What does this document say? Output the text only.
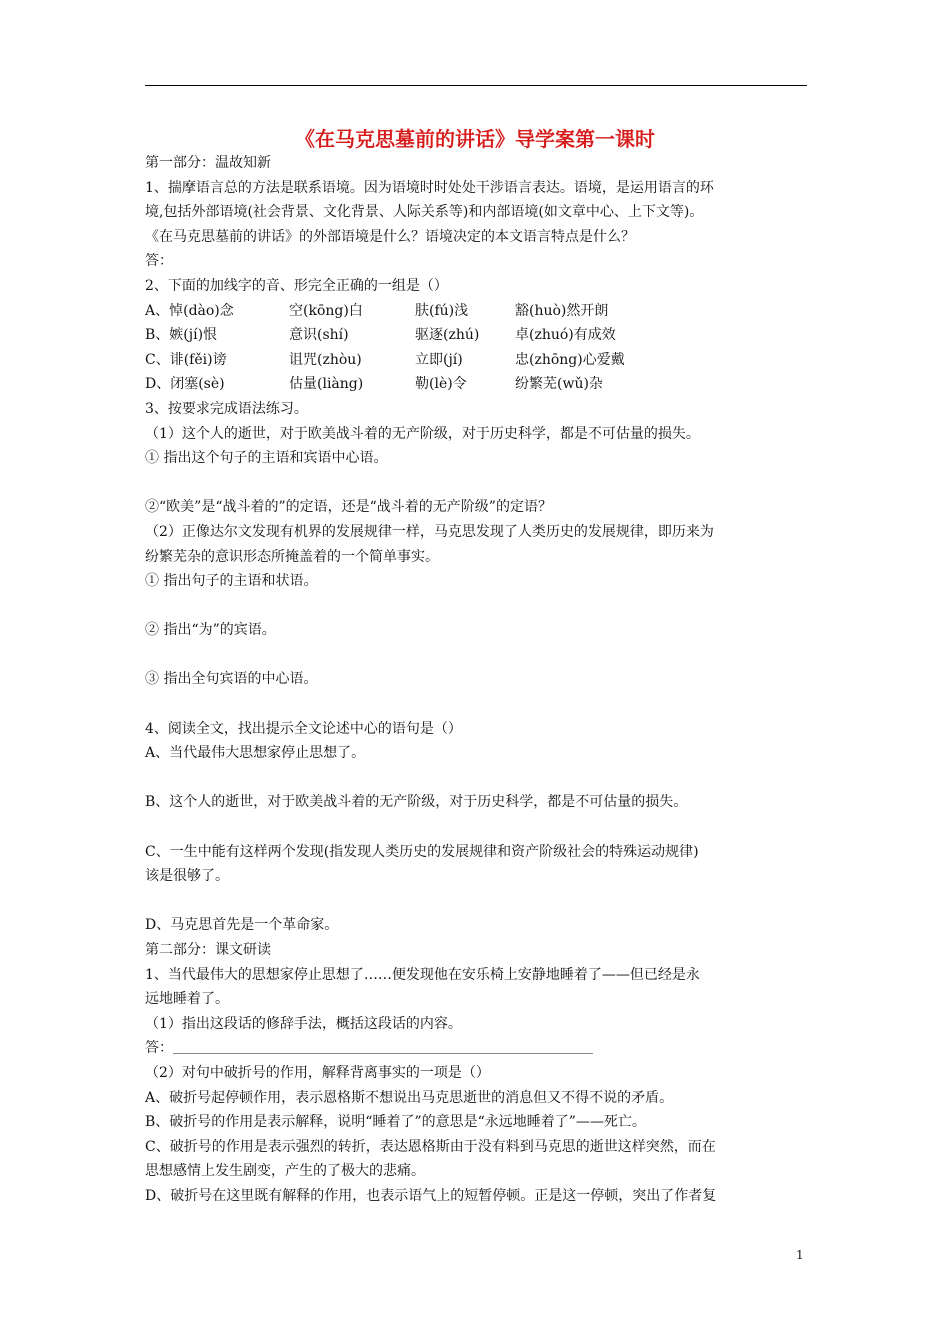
《在马克思墓前的讲话》导学案第一课时
第一部分：温故知新
1、揣摩语言总的方法是联系语境。因为语境时时处处干涉语言表达。语境，是运用语言的环
境,包括外部语境(社会背景、文化背景、人际关系等)和内部语境(如文章中心、上下文等)。
《在马克思墓前的讲话》的外部语境是什么？语境决定的本文语言特点是什么？
答：
2、下面的加线字的音、形完全正确的一组是（）
A、悼(dào)念	空(kōng)白	肤(fú)浅	豁(huò)然开朗
B、嫉(jí)恨	意识(shí)	驱逐(zhú)	卓(zhuó)有成效
C、诽(fěi)谤	诅咒(zhòu)	立即(jí)	忠(zhōng)心爱戴
D、闭塞(sè)	估量(liàng)	勒(lè)令	纷繁芜(wǔ)杂
3、按要求完成语法练习。
（1）这个人的逝世，对于欧美战斗着的无产阶级，对于历史科学，都是不可估量的损失。
① 指出这个句子的主语和宾语中心语。
②“欧美”是“战斗着的”的定语，还是“战斗着的无产阶级”的定语？
（2）正像达尔文发现有机界的发展规律一样，马克思发现了人类历史的发展规律，即历来为
纷繁芜杂的意识形态所掩盖着的一个简单事实。
① 指出句子的主语和状语。
② 指出“为”的宾语。
③ 指出全句宾语的中心语。
4、阅读全文，找出提示全文论述中心的语句是（）
A、当代最伟大思想家停止思想了。
B、这个人的逝世，对于欧美战斗着的无产阶级，对于历史科学，都是不可估量的损失。
C、一生中能有这样两个发现(指发现人类历史的发展规律和资产阶级社会的特殊运动规律)
该是很够了。
D、马克思首先是一个革命家。
第二部分：课文研读
1、当代最伟大的思想家停止思想了……便发现他在安乐椅上安静地睡着了——但已经是永
远地睡着了。
（1）指出这段话的修辞手法，概括这段话的内容。
答：
（2）对句中破折号的作用，解释背离事实的一项是（）
A、破折号起停顿作用，表示恩格斯不想说出马克思逝世的消息但又不得不说的矛盾。
B、破折号的作用是表示解释，说明“睡着了”的意思是“永远地睡着了”——死亡。
C、破折号的作用是表示强烈的转折，表达恩格斯由于没有料到马克思的逝世这样突然，而在
思想感情上发生剧变，产生的了极大的悲痛。
D、破折号在这里既有解释的作用，也表示语气上的短暂停顿。正是这一停顿，突出了作者复
1
